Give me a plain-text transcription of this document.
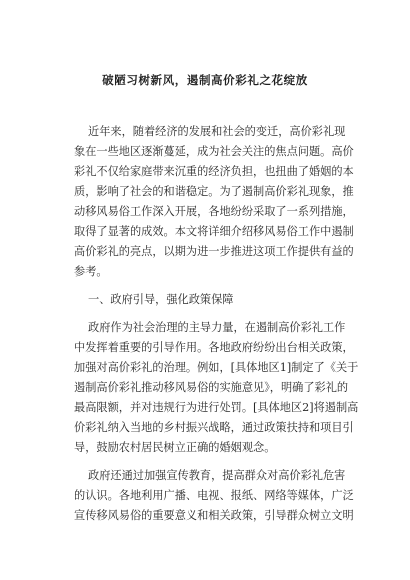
破陋习树新风，遏制高价彩礼之花绽放
近年来，随着经济的发展和社会的变迁，高价彩礼现
象在一些地区逐渐蔓延，成为社会关注的焦点问题。高价
彩礼不仅给家庭带来沉重的经济负担，也扭曲了婚姻的本
质，影响了社会的和谐稳定。为了遏制高价彩礼现象，推
动移风易俗工作深入开展，各地纷纷采取了一系列措施，
取得了显著的成效。本文将详细介绍移风易俗工作中遏制
高价彩礼的亮点，以期为进一步推进这项工作提供有益的
参考。
一、政府引导，强化政策保障
政府作为社会治理的主导力量，在遏制高价彩礼工作
中发挥着重要的引导作用。各地政府纷纷出台相关政策，
加强对高价彩礼的治理。例如，[具体地区1]制定了《关于
遏制高价彩礼推动移风易俗的实施意见》，明确了彩礼的
最高限额，并对违规行为进行处罚。[具体地区2]将遏制高
价彩礼纳入当地的乡村振兴战略，通过政策扶持和项目引
导，鼓励农村居民树立正确的婚姻观念。
政府还通过加强宣传教育，提高群众对高价彩礼危害
的认识。各地利用广播、电视、报纸、网络等媒体，广泛
宣传移风易俗的重要意义和相关政策，引导群众树立文明
